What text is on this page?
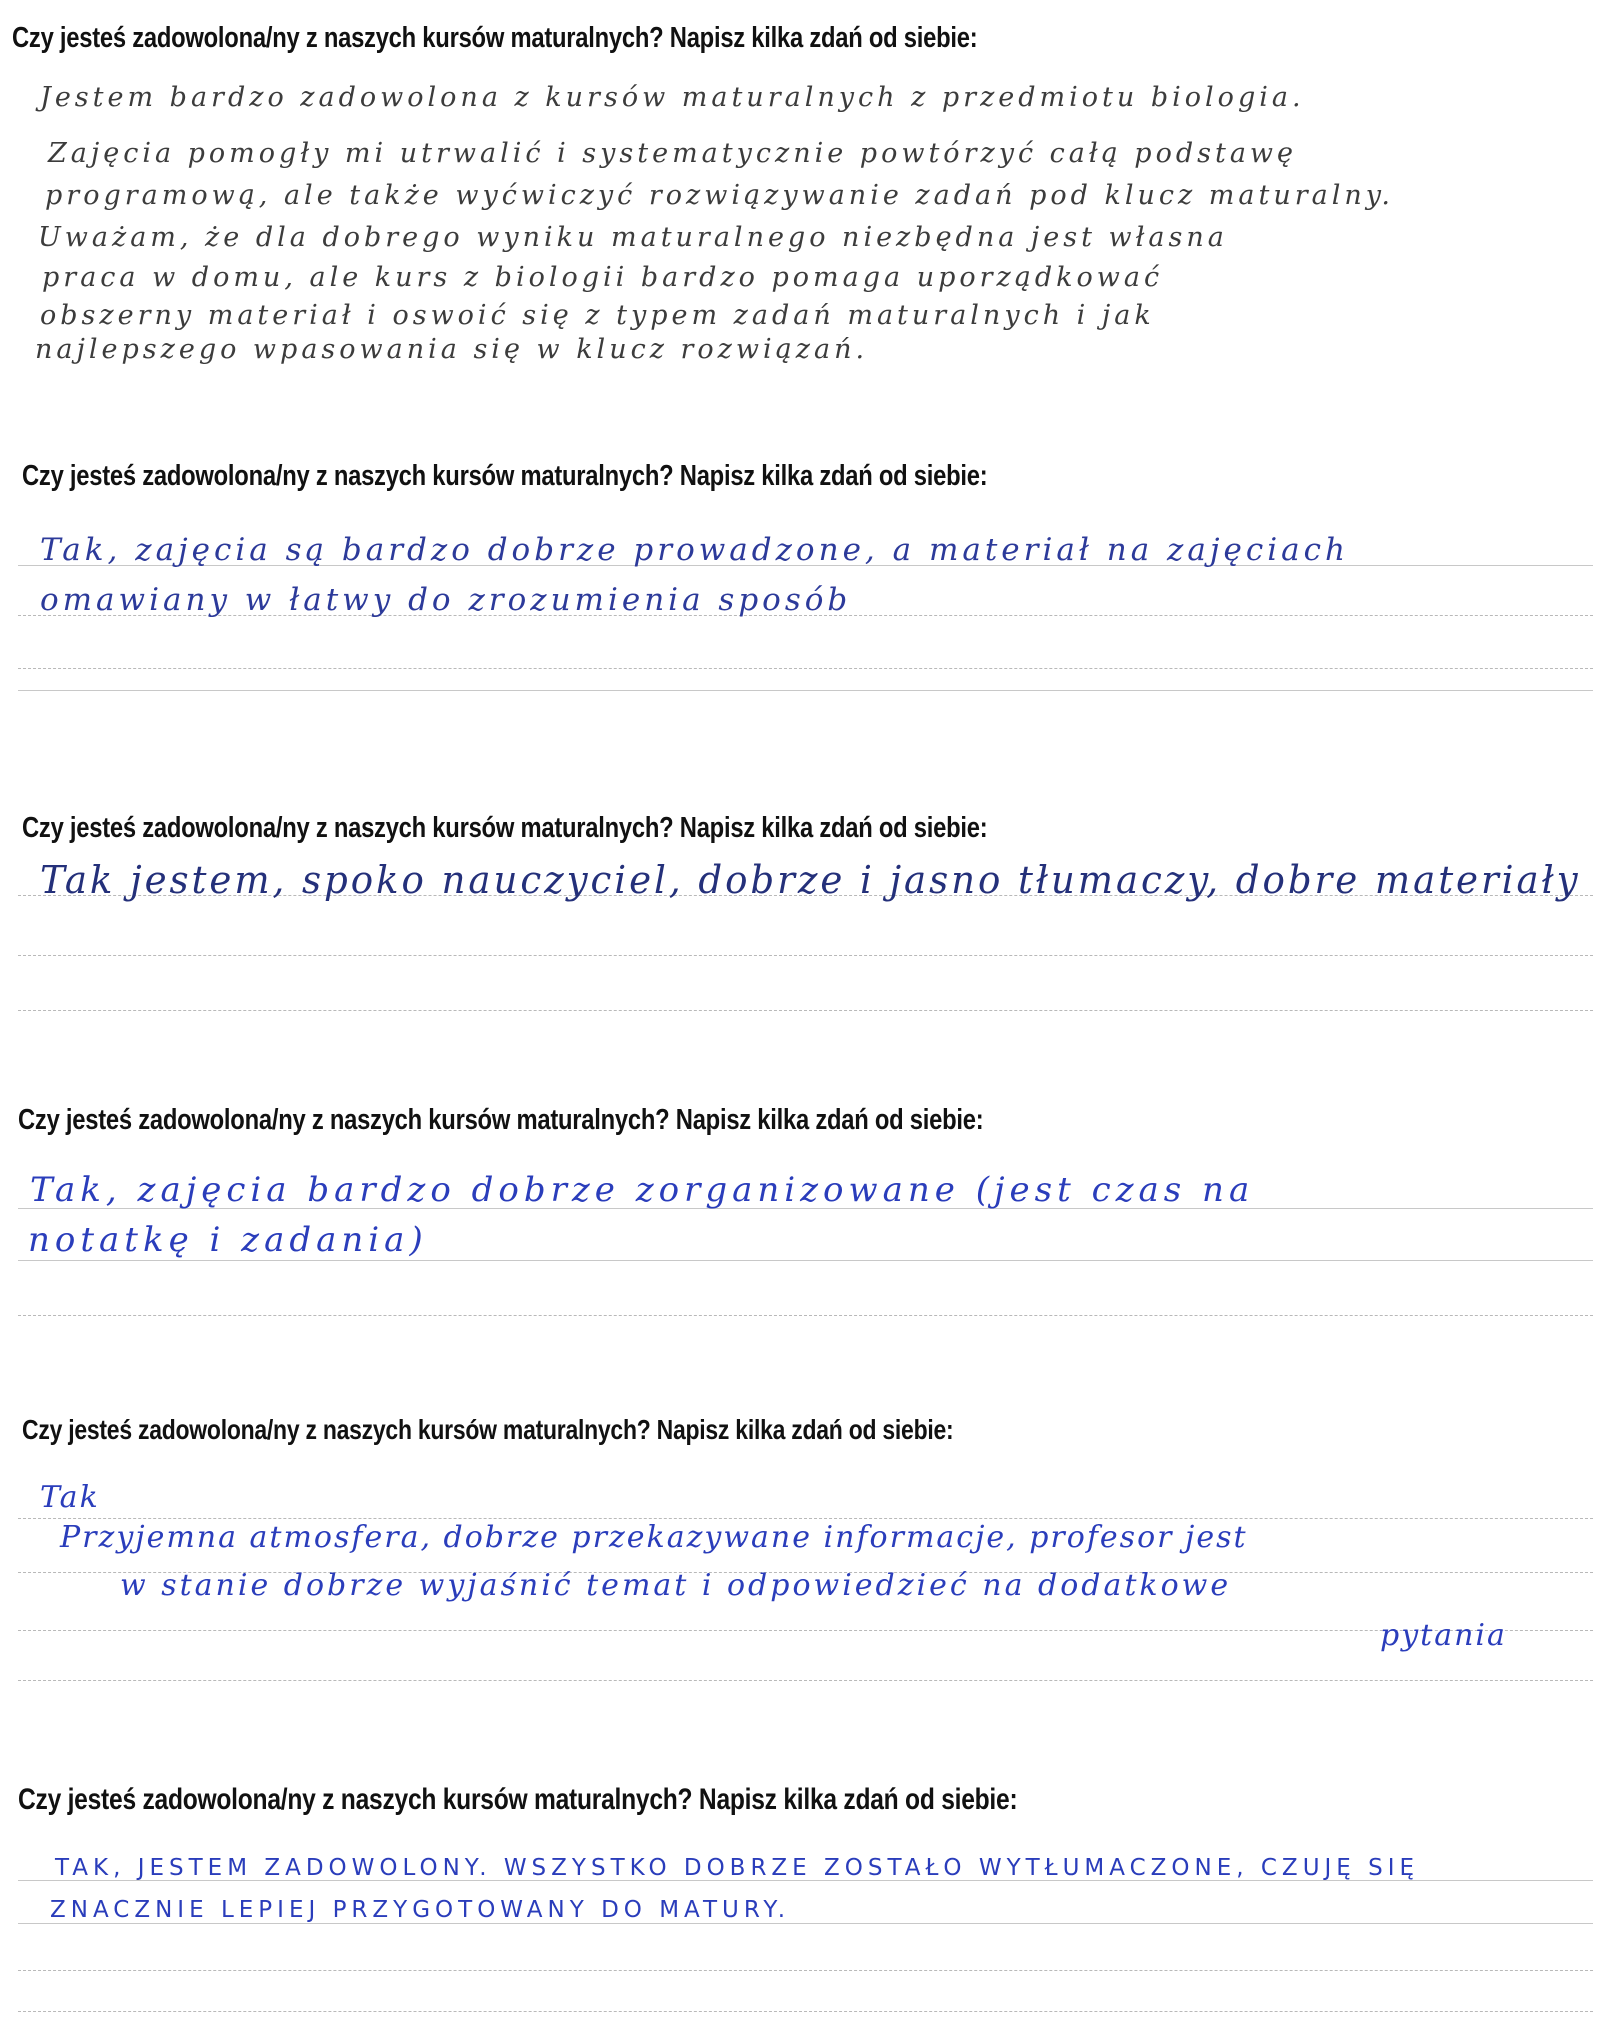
Czy jesteś zadowolona/ny z naszych kursów maturalnych? Napisz kilka zdań od siebie:
Jestem bardzo zadowolona z kursów maturalnych z przedmiotu biologia.
Zajęcia pomogły mi utrwalić i systematycznie powtórzyć całą podstawę
programową, ale także wyćwiczyć rozwiązywanie zadań pod klucz maturalny.
Uważam, że dla dobrego wyniku maturalnego niezbędna jest własna
praca w domu, ale kurs z biologii bardzo pomaga uporządkować
obszerny materiał i oswoić się z typem zadań maturalnych i jak
najlepszego wpasowania się w klucz rozwiązań.
Czy jesteś zadowolona/ny z naszych kursów maturalnych? Napisz kilka zdań od siebie:
Tak, zajęcia są bardzo dobrze prowadzone, a materiał na zajęciach
omawiany w łatwy do zrozumienia sposób
Czy jesteś zadowolona/ny z naszych kursów maturalnych? Napisz kilka zdań od siebie:
Tak jestem, spoko nauczyciel, dobrze i jasno tłumaczy, dobre materiały
Czy jesteś zadowolona/ny z naszych kursów maturalnych? Napisz kilka zdań od siebie:
Tak, zajęcia bardzo dobrze zorganizowane (jest czas na
notatkę i zadania)
Czy jesteś zadowolona/ny z naszych kursów maturalnych? Napisz kilka zdań od siebie:
Tak
Przyjemna atmosfera, dobrze przekazywane informacje, profesor jest
w stanie dobrze wyjaśnić temat i odpowiedzieć na dodatkowe
pytania
Czy jesteś zadowolona/ny z naszych kursów maturalnych? Napisz kilka zdań od siebie:
TAK, JESTEM ZADOWOLONY. WSZYSTKO DOBRZE ZOSTAŁO WYTŁUMACZONE, CZUJĘ SIĘ
ZNACZNIE LEPIEJ PRZYGOTOWANY DO MATURY.
